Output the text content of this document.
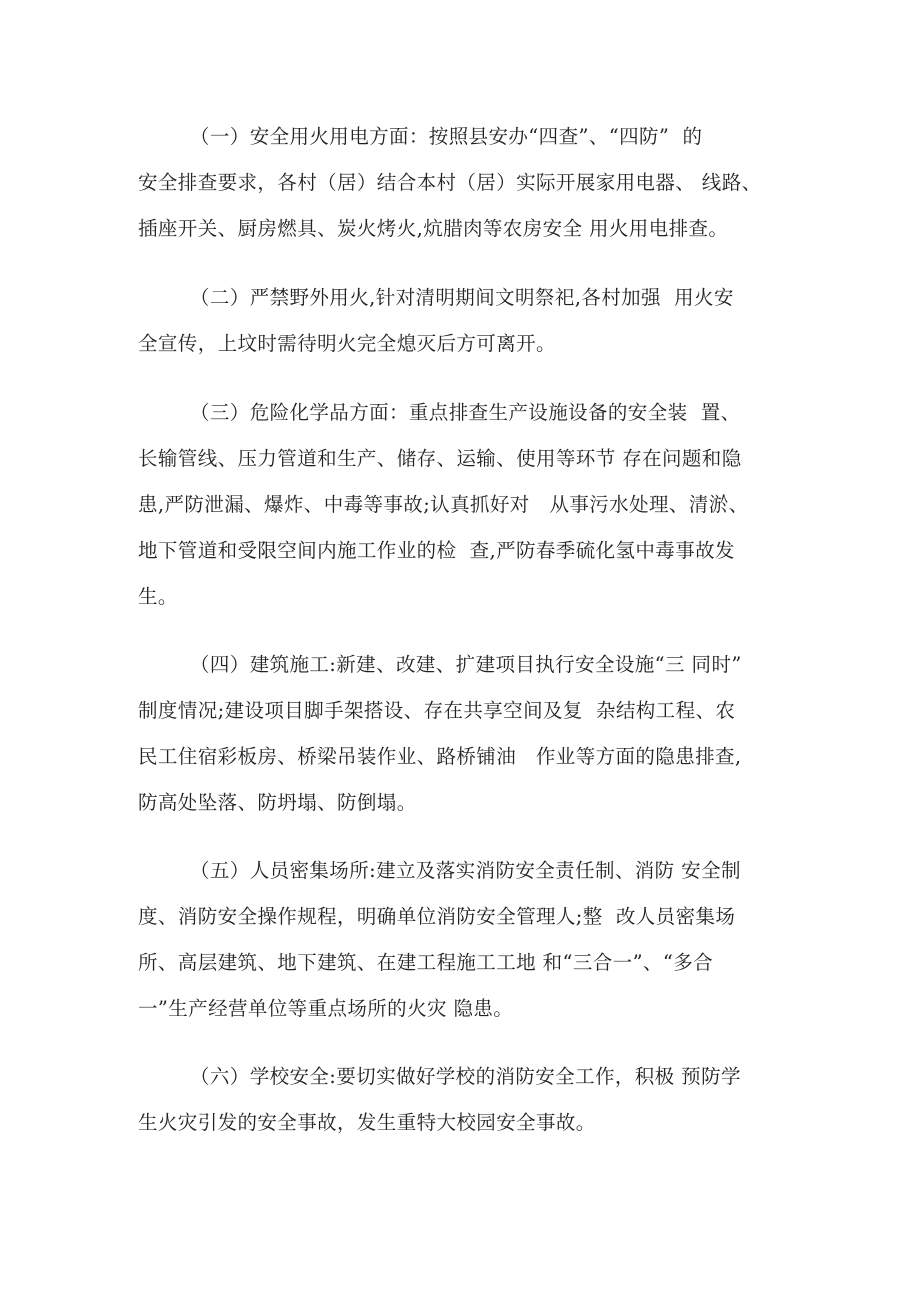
（一）安全用火用电方面：按照县安办“四查”、“四防”  的
安全排查要求，各村（居）结合本村（居）实际开展家用电器、 线路、
插座开关、厨房燃具、炭火烤火,炕腊肉等农房安全 用火用电排查。
（二）严禁野外用火,针对清明期间文明祭祀,各村加强  用火安
全宣传，上坟时需待明火完全熄灭后方可离开。
（三）危险化学品方面：重点排查生产设施设备的安全装  置、
长输管线、压力管道和生产、储存、运输、使用等环节 存在问题和隐
患,严防泄漏、爆炸、中毒等事故;认真抓好对   从事污水处理、清淤、
地下管道和受限空间内施工作业的检  查,严防春季硫化氢中毒事故发
生。
（四）建筑施工:新建、改建、扩建项目执行安全设施“三 同时”
制度情况;建设项目脚手架搭设、存在共享空间及复  杂结构工程、农
民工住宿彩板房、桥梁吊装作业、路桥铺油   作业等方面的隐患排查,
防高处坠落、防坍塌、防倒塌。
（五）人员密集场所:建立及落实消防安全责任制、消防 安全制
度、消防安全操作规程，明确单位消防安全管理人;整  改人员密集场
所、高层建筑、地下建筑、在建工程施工工地 和“三合一”、“多合
一”生产经营单位等重点场所的火灾 隐患。
（六）学校安全:要切实做好学校的消防安全工作，积极 预防学
生火灾引发的安全事故，发生重特大校园安全事故。
